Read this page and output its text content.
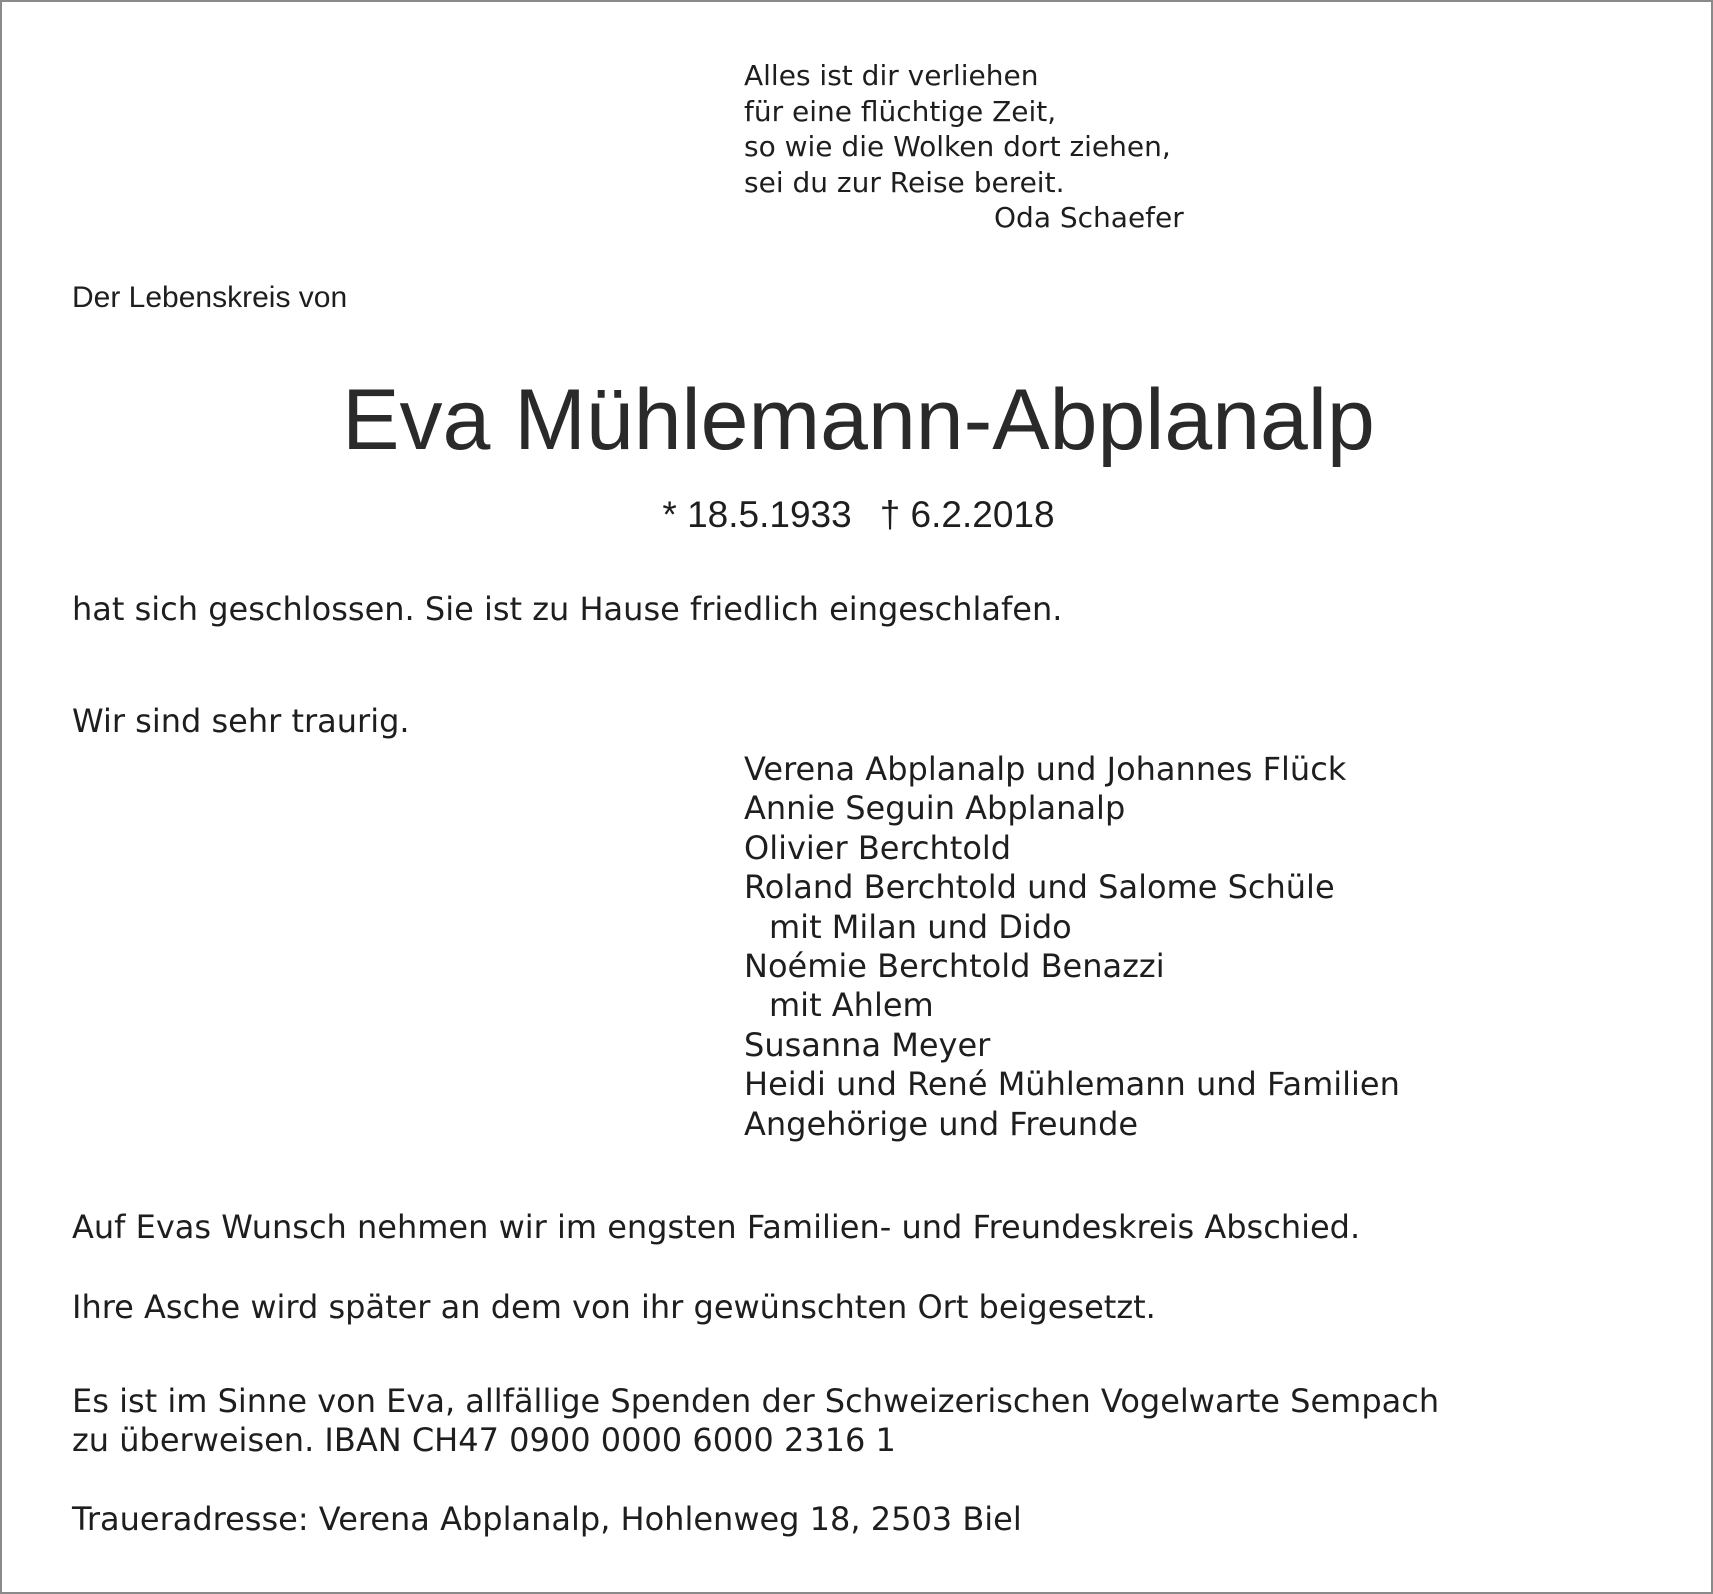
Alles ist dir verliehen
für eine flüchtige Zeit,
so wie die Wolken dort ziehen,
sei du zur Reise bereit.
Oda Schaefer
Der Lebenskreis von
Eva Mühlemann-Abplanalp
* 18.5.1933 † 6.2.2018
hat sich geschlossen. Sie ist zu Hause friedlich eingeschlafen.
Wir sind sehr traurig.
Verena Abplanalp und Johannes Flück
Annie Seguin Abplanalp
Olivier Berchtold
Roland Berchtold und Salome Schüle
mit Milan und Dido
Noémie Berchtold Benazzi
mit Ahlem
Susanna Meyer
Heidi und René Mühlemann und Familien
Angehörige und Freunde
Auf Evas Wunsch nehmen wir im engsten Familien- und Freundeskreis Abschied.
Ihre Asche wird später an dem von ihr gewünschten Ort beigesetzt.
Es ist im Sinne von Eva, allfällige Spenden der Schweizerischen Vogelwarte Sempach
zu überweisen. IBAN CH47 0900 0000 6000 2316 1
Traueradresse: Verena Abplanalp, Hohlenweg 18, 2503 Biel
